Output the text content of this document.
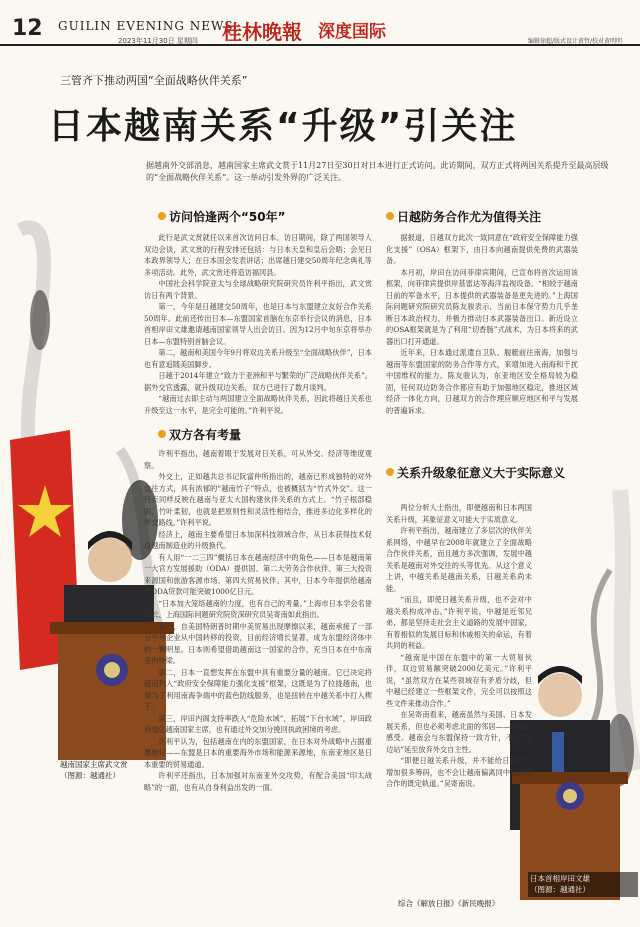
12 GUILIN EVENING NEWS
2023年11月30日 星期四 桂林晚報 深度国际	编辑徐超/版式设计黄哲/校对黄明明
三管齐下推动两国“全面战略伙伴关系”
日本越南关系“升级”引关注
据越南外交部消息，越南国家主席武文赏于11月27日至30日对日本进行正式访问。此访期间，双方正式将两国关系提升至最高层级的“全面战略伙伴关系”。这一举动引发外界的广泛关注。
越南国家主席武文赏
（图源：越通社）
日本首相岸田文雄
（图源：越通社）
访问恰逢两个“50年”

此行是武文赏就任以来首次访问日本。访日期间，除了两国领导人双边会谈，武文赏的行程安排还包括：与日本天皇和皇后会晤；会见日本政界领导人；在日本国会发表讲话；出席越日建交50周年纪念典礼等多项活动。此外，武文赏还将造访福冈县。

中国社会科学院亚太与全球战略研究院研究员许利平指出，武文赏访日有两个背景。

第一，今年是日越建交50周年，也是日本与东盟建立友好合作关系50周年。此前还传出日本—东盟国家首脑在东京举行会议的消息，日本首相岸田文雄邀请越南国家领导人出会访日。因为12月中旬东京将举办日本—东盟特别首脑会议。

第二，越南和美国今年9月将双边关系升级至“全面战略伙伴”，日本也有意追随美国脚步。

日越于2014年建立“致力于亚洲和平与繁荣的广泛战略伙伴关系”。据外交官透露，就升级双边关系，双方已进行了数月谈判。

“越南过去即主动与两国建立全面战略伙伴关系，因此将越日关系也升级至这一水平，是完全可能的。”许利平说。

双方各有考量

许利平指出，越南着眼于发展对日关系，可从外交、经济等维度观察。

外交上，正如越共总书记阮富仲所指出的，越南已形成独特的对外交往方式，具有浓郁的“越南竹子”特点，也被概括为“竹式外交”。这一特点同样反映在越南与亚太大国构建伙伴关系的方式上。“竹子根部稳固，竹叶柔韧，也就是把原则性和灵活性相结合，推进多边化多样化的外交路线。”许利平说。

经济上，越南主要希望日本加深科技领域合作，从日本获得技术促进越南制造业的升级换代。

有人用“一二三四”概括日本在越南经济中的角色——日本是越南第一大官方发展援助（ODA）提供国、第二大劳务合作伙伴、第三大投资来源国和旅游客源市场、第四大贸易伙伴。其中，日本今年提供给越南的ODA贷款可能突破1000亿日元。

“日本加大笼络越南的力度，也有自己的考量。”上海市日本学会名誉会长、上海国际问题研究院资深研究员吴寄南如此指出。

第一，自美国特朗普时期中美贸易出现摩擦以来，越南承接了一部分中外企业从中国转移的投资，目前经济增长显著，成为东盟经济体中的一颗明星。日本则希望借助越南这一国家的合作，充当日本在中东南亚的桥梁。

第二，日本一直想发挥在东盟中具有重要分量的越南。它已决定将越南列入“政府安全保障能力强化支援”框架，这既是为了拉拢越南，也是为了利用南海争端中的蓝色防线服务，也是扭转在中越关系中打入楔子。

第三，岸田内阁支持率跌入“危险水域”，拓展“下台水域”，岸田政府强化越南国家主席，也有通过外交加分挽回执政困境的考虑。

许利平认为，包括越南在内的东盟国家，在日本对外战略中占据重要地位——东盟是日本的重要海外市场和能源来源地，东南亚地区是日本重要的贸易通道。

许利平还指出，日本加强对东南亚外交攻势，有配合美国“印太战略”的一面，也有从自身利益出发的一面。

日越防务合作尤为值得关注

据报道，日越双方此次一致同意在“政府安全保障能力强化支援”（OSA）框架下，由日本向越南提供免费的武器装备。

本月初，岸田在访问菲律宾期间，已宣布将首次运用该框架，向菲律宾提供岸基雷达等海洋监视设备。“相较于越南日前的军备水平，日本提供的武器装备是更先进的。”上海国际问题研究院研究员陈友骏表示，当前日本保守势力几乎垄断日本政治权力，并极力推动日本武器装备出口。新近设立的OSA框架就是为了利用“切香肠”式战术，为日本将来的武器出口打开通道。

近年来，日本通过派遣自卫队、舰艇前往南海，加强与越南等东盟国家的防务合作等方式，来增加进入南海和干扰中国维权的能力。陈友骏认为，东亚地区安全格局较为稳固，任何双边防务合作都应有助于加强地区稳定，推进区域经济一体化方向，日越双方的合作理应顺应地区和平与发展的普遍诉求。

关系升级象征意义大于实际意义

两位分析人士指出，即便越南和日本两国关系升级，其象征意义可能大于实质意义。

许利平指出，越南建立了多层次的伙伴关系网络，中越早在2008年就建立了全面战略合作伙伴关系，而且越方多次强调，发展中越关系是越南对外交往的头等优先。从这个意义上讲，中越关系是越南关系，日越关系尚未能。

“而且，即使日越关系升级，也不会对中越关系构成冲击。”许利平说，中越是近邻兄弟，都是坚持走社会主义道路的发展中国家，有着相似的发展目标和休戚相关的命运，有着共同的利益。

“越南是中国在东盟中的第一大贸易伙伴，双边贸易额突破2000亿美元。”许利平说，“虽然双方在某些领域存有矛盾分歧，但中越已经建立一些框架文件，完全可以按照这些文件来推动合作。”

在吴寄南看来，越南虽然与美国、日本发展关系，但也必须考虑北面的邻居——中国的感受。越南会与东盟保持一致方针，不会“选边站”延至放弃外交自主性。

“即便日越关系升级，并不能给日本外交增加很多筹码，也不会让越南偏离同中国深化合作的既定轨道。”吴寄南说。

综合《解放日报》《新民晚报》
